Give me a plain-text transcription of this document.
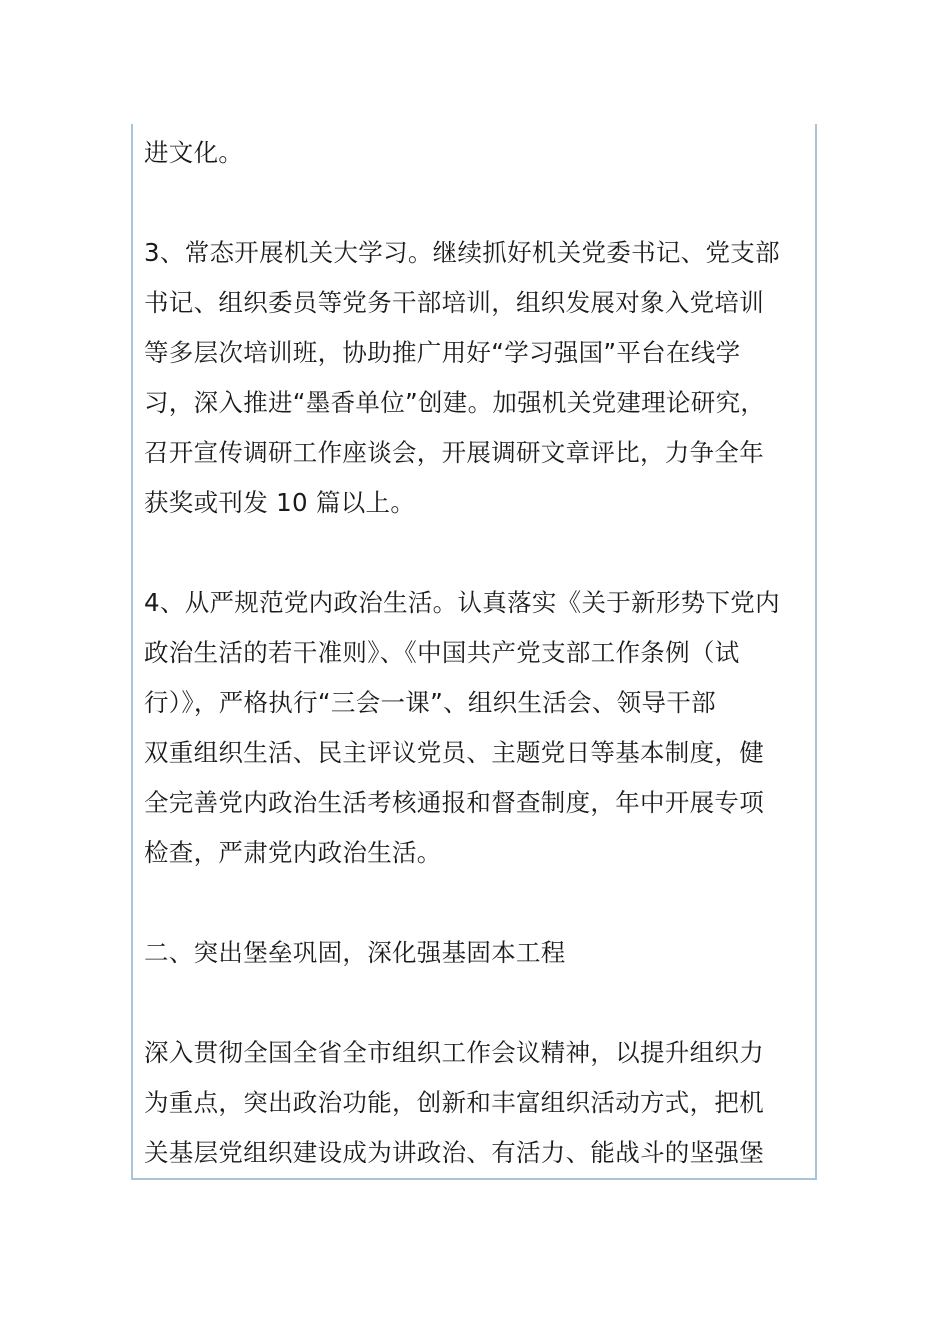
进文化。
3、常态开展机关大学习。继续抓好机关党委书记、党支部
书记、组织委员等党务干部培训，组织发展对象入党培训
等多层次培训班，协助推广用好“学习强国”平台在线学
习，深入推进“墨香单位”创建。加强机关党建理论研究，
召开宣传调研工作座谈会，开展调研文章评比，力争全年
获奖或刊发 10 篇以上。
4、从严规范党内政治生活。认真落实《关于新形势下党内
政治生活的若干准则》、《中国共产党支部工作条例（试
行）》，严格执行“三会一课”、组织生活会、领导干部
双重组织生活、民主评议党员、主题党日等基本制度，健
全完善党内政治生活考核通报和督查制度，年中开展专项
检查，严肃党内政治生活。
二、突出堡垒巩固，深化强基固本工程
深入贯彻全国全省全市组织工作会议精神，以提升组织力
为重点，突出政治功能，创新和丰富组织活动方式，把机
关基层党组织建设成为讲政治、有活力、能战斗的坚强堡
